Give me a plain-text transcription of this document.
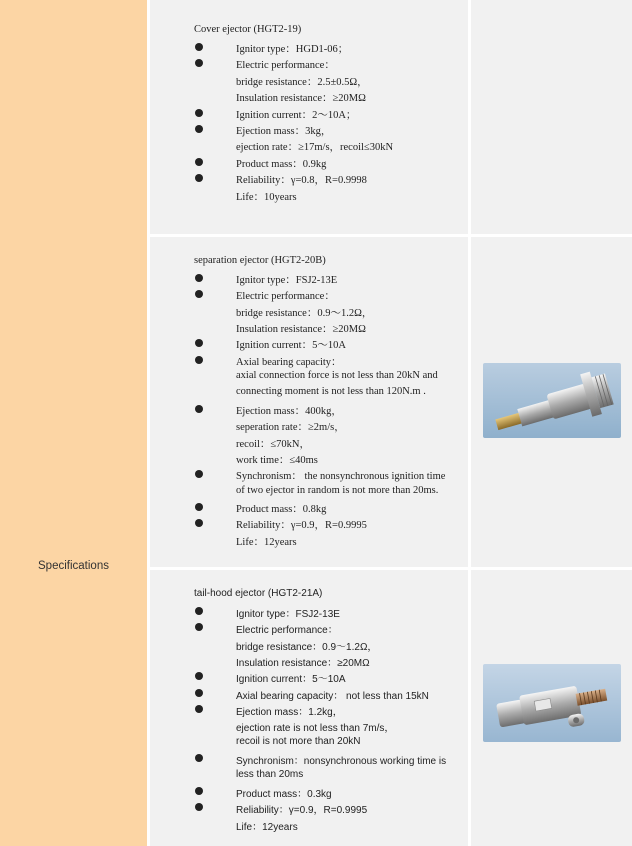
Specifications
Cover ejector (HGT2-19)
Ignitor type：HGD1-06；
Electric performance：
bridge resistance：2.5±0.5Ω，
Insulation resistance：≥20MΩ
Ignition current：2～10A；
Ejection mass：3kg，
ejection rate：≥17m/s，recoil≤30kN
Product mass：0.9kg
Reliability：γ=0.8，R=0.9998
Life：10years
separation ejector (HGT2-20B)
Ignitor type：FSJ2-13E
Electric performance：
bridge resistance：0.9～1.2Ω，
Insulation resistance：≥20MΩ
Ignition current：5～10A
Axial bearing capacity：
axial connection force is not less than 20kN and
connecting moment is not less than 120N.m .
Ejection mass：400kg，
seperation rate：≥2m/s，
recoil：≤70kN，
work time：≤40ms
Synchronism： the nonsynchronous ignition time
of two ejector in random is not more than 20ms.
Product mass：0.8kg
Reliability：γ=0.9，R=0.9995
Life：12years
tail-hood ejector (HGT2-21A)
Ignitor type：FSJ2-13E
Electric performance：
bridge resistance：0.9～1.2Ω，
Insulation resistance：≥20MΩ
Ignition current：5～10A
Axial bearing capacity： not less than 15kN
Ejection mass：1.2kg，
ejection rate is not less than 7m/s，
recoil is not more than 20kN
Synchronism：nonsynchronous working time is
less than 20ms
Product mass：0.3kg
Reliability：γ=0.9，R=0.9995
Life：12years
